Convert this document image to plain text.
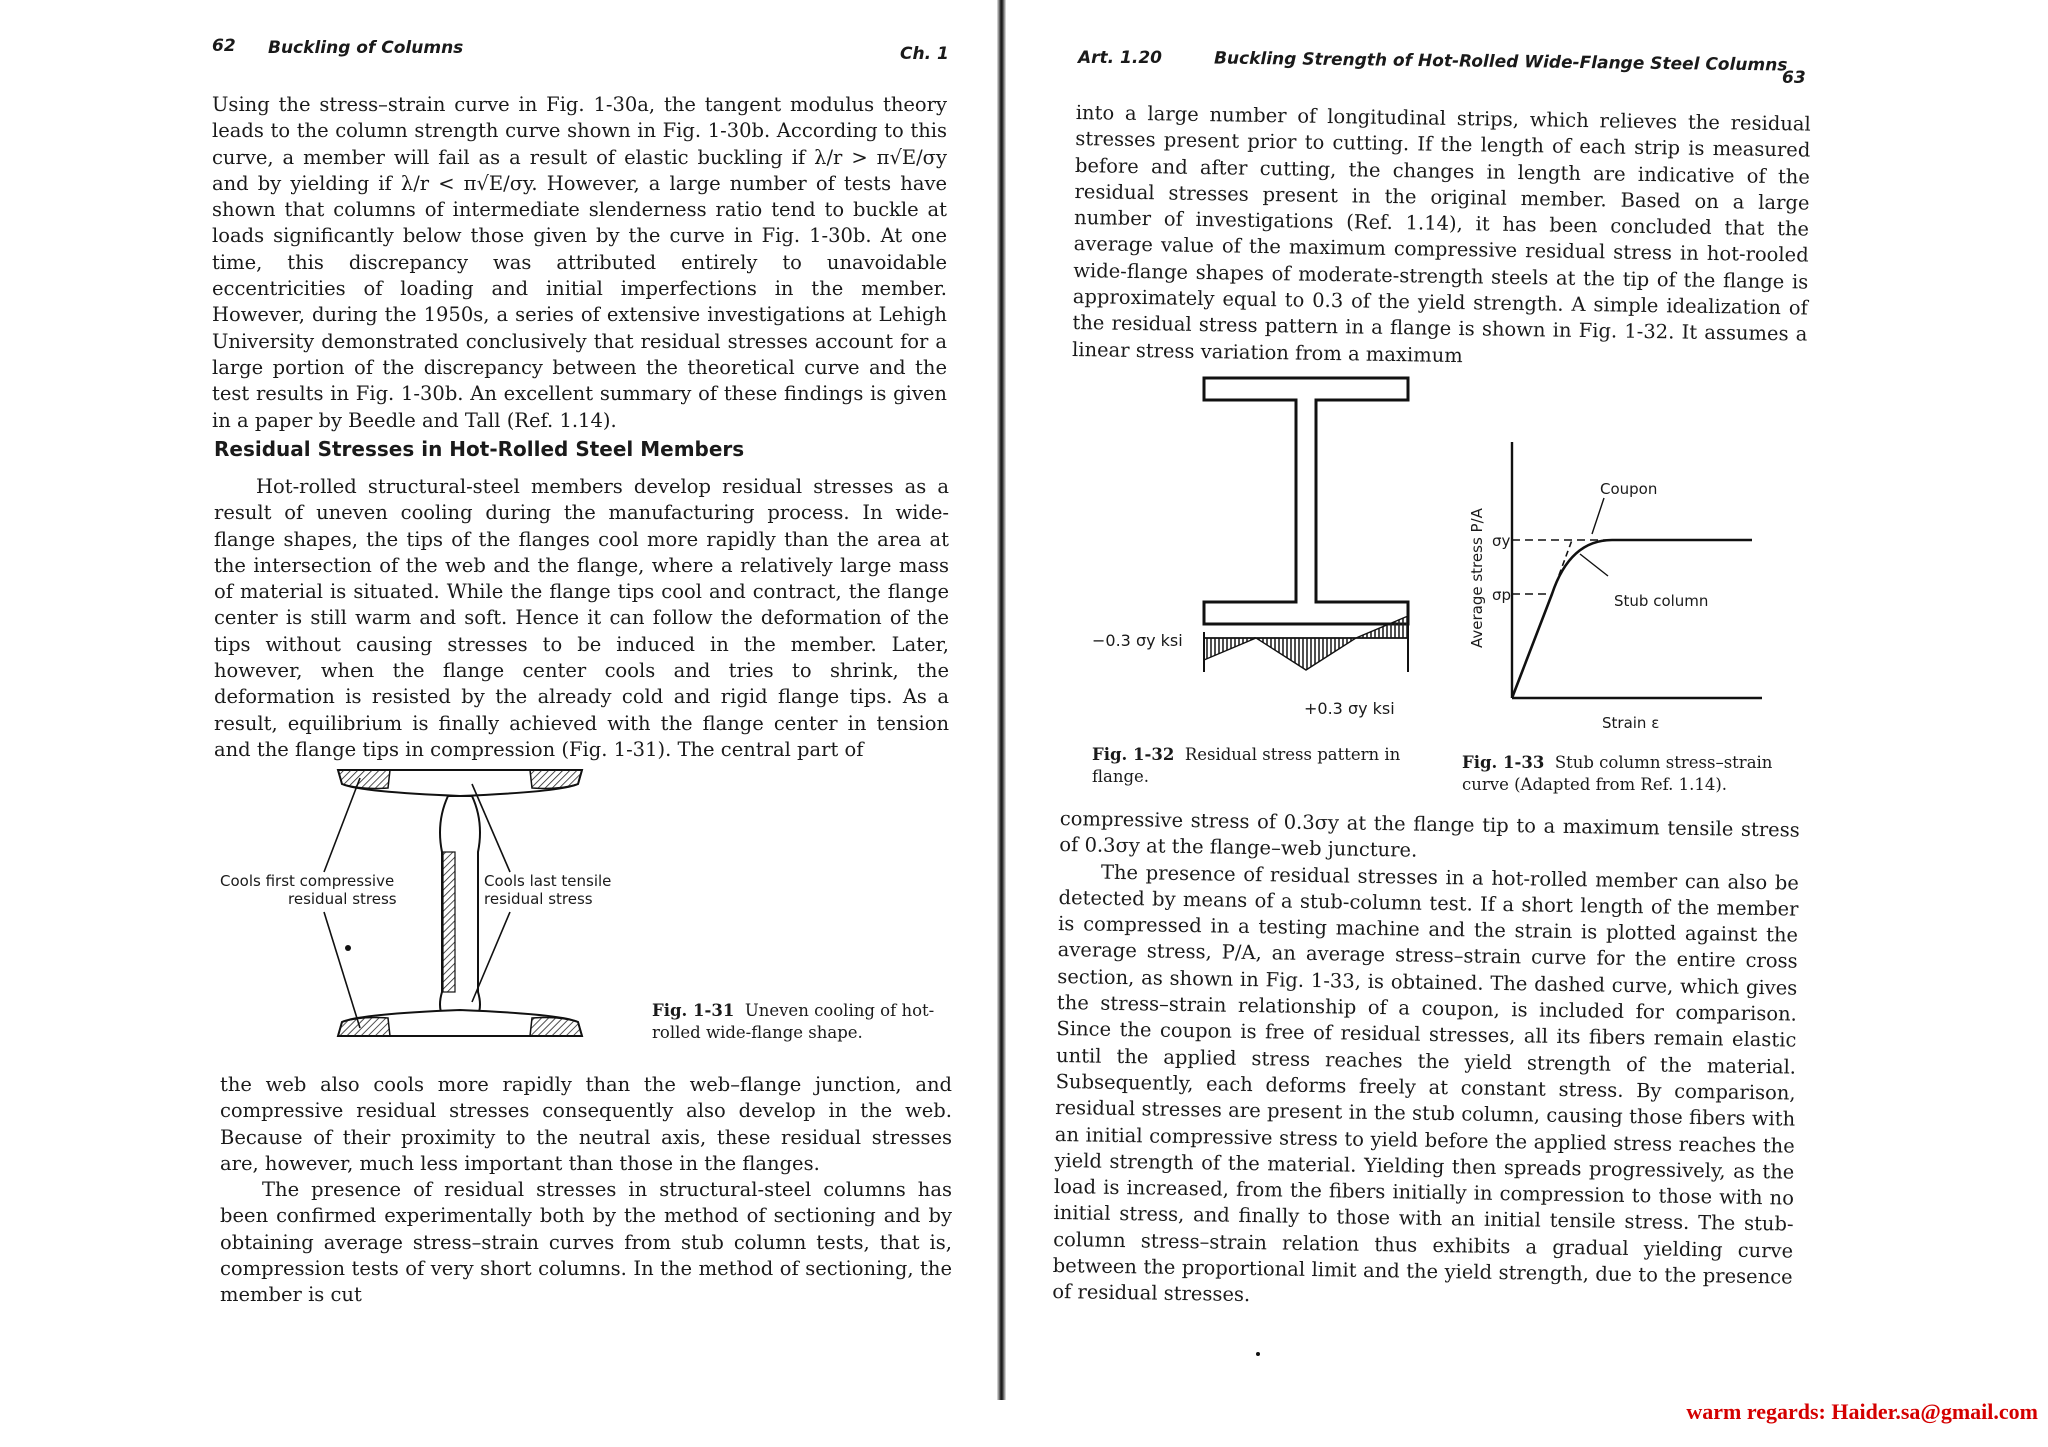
62 Buckling of Columns	Ch. 1

Using the stress–strain curve in Fig. 1-30a, the tangent modulus theory leads to the column strength curve shown in Fig. 1-30b. According to this curve, a member will fail as a result of elastic buckling if λ/r > π√E/σy and by yielding if λ/r < π√E/σy. However, a large number of tests have shown that columns of intermediate slenderness ratio tend to buckle at loads significantly below those given by the curve in Fig. 1-30b. At one time, this discrepancy was attributed entirely to unavoidable eccentricities of loading and initial imperfections in the member. However, during the 1950s, a series of extensive investigations at Lehigh University demonstrated conclusively that residual stresses account for a large portion of the discrepancy between the theoretical curve and the test results in Fig. 1-30b. An excellent summary of these findings is given in a paper by Beedle and Tall (Ref. 1.14).

Residual Stresses in Hot-Rolled Steel Members

Hot-rolled structural-steel members develop residual stresses as a result of uneven cooling during the manufacturing process. In wide-flange shapes, the tips of the flanges cool more rapidly than the area at the intersection of the web and the flange, where a relatively large mass of material is situated. While the flange tips cool and contract, the flange center is still warm and soft. Hence it can follow the deformation of the tips without causing stresses to be induced in the member. Later, however, when the flange center cools and tries to shrink, the deformation is resisted by the already cold and rigid flange tips. As a result, equilibrium is finally achieved with the flange center in tension and the flange tips in compression (Fig. 1-31). The central part of

Cools first compressive
residual stress
Cools last tensile
residual stress
Fig. 1-31 Uneven cooling of hot-rolled wide-flange shape.

the web also cools more rapidly than the web–flange junction, and compressive residual stresses consequently also develop in the web. Because of their proximity to the neutral axis, these residual stresses are, however, much less important than those in the flanges.

The presence of residual stresses in structural-steel columns has been confirmed experimentally both by the method of sectioning and by obtaining average stress–strain curves from stub column tests, that is, compression tests of very short columns. In the method of sectioning, the member is cut

Art. 1.20	Buckling Strength of Hot-Rolled Wide-Flange Steel Columns
63

into a large number of longitudinal strips, which relieves the residual stresses present prior to cutting. If the length of each strip is measured before and after cutting, the changes in length are indicative of the residual stresses present in the original member. Based on a large number of investigations (Ref. 1.14), it has been concluded that the average value of the maximum compressive residual stress in hot-rooled wide-flange shapes of moderate-strength steels at the tip of the flange is approximately equal to 0.3 of the yield strength. A simple idealization of the residual stress pattern in a flange is shown in Fig. 1-32. It assumes a linear stress variation from a maximum

−0.3 σy ksi
+0.3 σy ksi
Fig. 1-32 Residual stress pattern in flange.
σy
σp
Coupon
Stub column
Strain ε
Average stress P/A
Fig. 1-33 Stub column stress–strain curve (Adapted from Ref. 1.14).

compressive stress of 0.3σy at the flange tip to a maximum tensile stress of 0.3σy at the flange–web juncture.

The presence of residual stresses in a hot-rolled member can also be detected by means of a stub-column test. If a short length of the member is compressed in a testing machine and the strain is plotted against the average stress, P/A, an average stress–strain curve for the entire cross section, as shown in Fig. 1-33, is obtained. The dashed curve, which gives the stress–strain relationship of a coupon, is included for comparison. Since the coupon is free of residual stresses, all its fibers remain elastic until the applied stress reaches the yield strength of the material. Subsequently, each deforms freely at constant stress. By comparison, residual stresses are present in the stub column, causing those fibers with an initial compressive stress to yield before the applied stress reaches the yield strength of the material. Yielding then spreads progressively, as the load is increased, from the fibers initially in compression to those with no initial stress, and finally to those with an initial tensile stress. The stub-column stress–strain relation thus exhibits a gradual yielding curve between the proportional limit and the yield strength, due to the presence of residual stresses.

warm regards: Haider.sa@gmail.com
